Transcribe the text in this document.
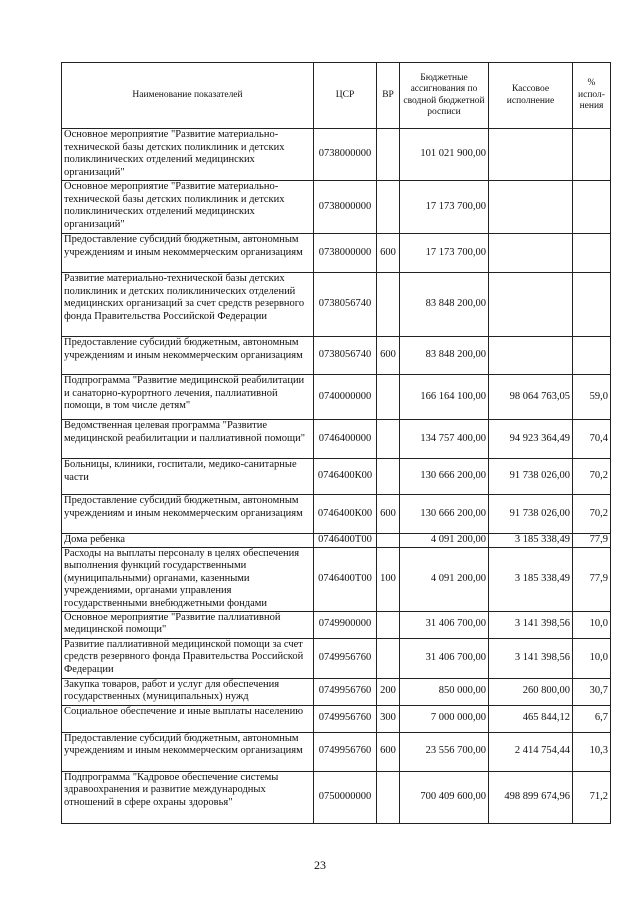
Наименование показателей	ЦСР	ВР	Бюджетные ассигнования по сводной бюджетной росписи	Кассовое исполнение	% испол-нения
Основное мероприятие "Развитие материально-технической базы детских поликлиник и детских поликлинических отделений медицинских организаций"	0738000000		101 021 900,00		
Основное мероприятие "Развитие материально-технической базы детских поликлиник и детских поликлинических отделений медицинских организаций"	0738000000		17 173 700,00		
Предоставление субсидий бюджетным, автономным учреждениям и иным некоммерческим организациям	0738000000	600	17 173 700,00		
Развитие материально-технической базы детских поликлиник и детских поликлинических отделений медицинских организаций за счет средств резервного фонда Правительства Российской Федерации	0738056740		83 848 200,00		
Предоставление субсидий бюджетным, автономным учреждениям и иным некоммерческим организациям	0738056740	600	83 848 200,00		
Подпрограмма "Развитие медицинской реабилитации и санаторно-курортного лечения, паллиативной помощи, в том числе детям"	0740000000		166 164 100,00	98 064 763,05	59,0
Ведомственная целевая программа "Развитие медицинской реабилитации и паллиативной помощи"	0746400000		134 757 400,00	94 923 364,49	70,4
Больницы, клиники, госпитали, медико-санитарные части	0746400К00		130 666 200,00	91 738 026,00	70,2
Предоставление субсидий бюджетным, автономным учреждениям и иным некоммерческим организациям	0746400К00	600	130 666 200,00	91 738 026,00	70,2
Дома ребенка	0746400Т00		4 091 200,00	3 185 338,49	77,9
Расходы на выплаты персоналу в целях обеспечения выполнения функций государственными (муниципальными) органами, казенными учреждениями, органами управления государственными внебюджетными фондами	0746400Т00	100	4 091 200,00	3 185 338,49	77,9
Основное мероприятие "Развитие паллиативной медицинской помощи"	0749900000		31 406 700,00	3 141 398,56	10,0
Развитие паллиативной медицинской помощи за счет средств резервного фонда Правительства Российской Федерации	0749956760		31 406 700,00	3 141 398,56	10,0
Закупка товаров, работ и услуг для обеспечения государственных (муниципальных) нужд	0749956760	200	850 000,00	260 800,00	30,7
Социальное обеспечение и иные выплаты населению	0749956760	300	7 000 000,00	465 844,12	6,7
Предоставление субсидий бюджетным, автономным учреждениям и иным некоммерческим организациям	0749956760	600	23 556 700,00	2 414 754,44	10,3
Подпрограмма "Кадровое обеспечение системы здравоохранения и развитие международных отношений в сфере охраны здоровья"	0750000000		700 409 600,00	498 899 674,96	71,2
23
